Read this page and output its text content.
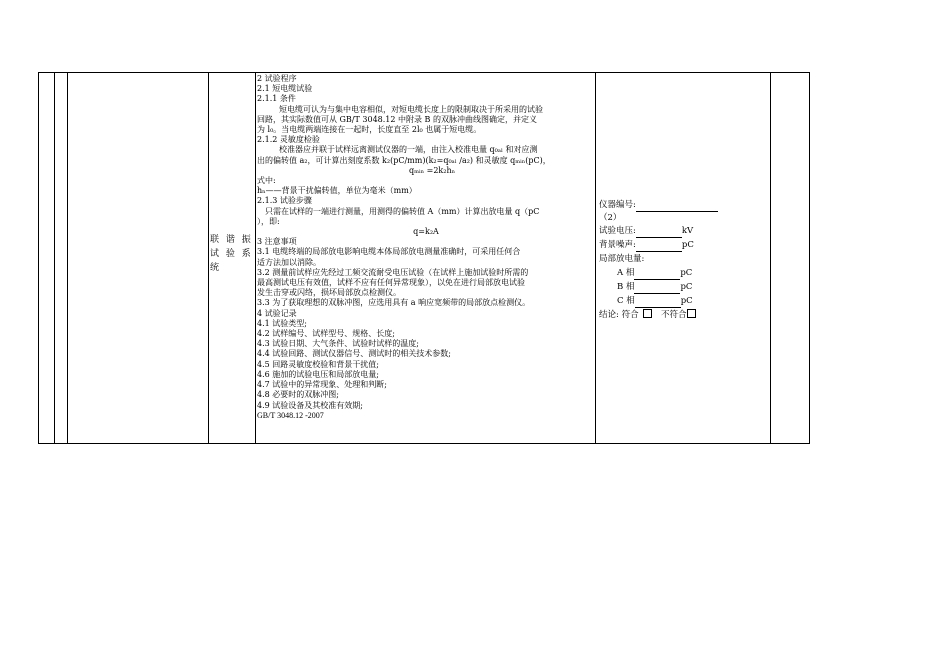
联 谐 振 试 验 系 统
2 试验程序
2.1 短电缆试验
2.1.1 条件
短电缆可认为与集中电容相似，对短电缆长度上的限制取决于所采用的试验
回路，其实际数值可从 GB/T 3048.12 中附录 B 的双脉冲曲线图确定，并定义
为 l₀。当电缆两端连接在一起时，长度直至 2l₀ 也属于短电缆。
2.1.2 灵敏度检验
校准器应并联于试样远离测试仪器的一端，由注入校准电量 q₀ₐₗ 和对应测
出的偏转值 a₂，可计算出刻度系数 k₂(pC/mm)(k₂=q₀ₐₗ /a₂) 和灵敏度 qₘᵢₙ(pC)，
qₘᵢₙ =2k₂hₙ
式中:
hₙ——背景干扰偏转值，单位为毫米（mm）
2.1.3 试验步骤
只需在试样的一端进行测量，用测得的偏转值 A（mm）计算出放电量 q（pC
），即:
q=k₂A
3 注意事项
3.1 电缆终端的局部放电影响电缆本体局部放电测量准确时，可采用任何合
适方法加以消除。
3.2 测量前试样应先经过工频交流耐受电压试验（在试样上施加试验时所需的
最高测试电压有效值，试样不应有任何异常现象），以免在进行局部放电试验
发生击穿或闪络，损坏局部放点检测仪。
3.3 为了获取理想的双脉冲图，应选用具有 a 响应宽频带的局部放点检测仪。
4 试验记录
4.1 试验类型;
4.2 试样编号、试样型号、规格、长度;
4.3 试验日期、大气条件、试验时试样的温度;
4.4 试验回路、测试仪器信号、测试时的相关技术参数;
4.5 回路灵敏度校验和背景干扰值;
4.6 施加的试验电压和局部放电量;
4.7 试验中的异常现象、处理和判断;
4.8 必要时的双脉冲图;
4.9 试验设备及其校准有效期;
GB/T 3048.12 -2007
仪器编号:
（2）
试验电压:	kV
背景噪声:	pC
局部放电量:
A 相	pC
B 相	pC
C 相	pC
结论: 符合	不符合
